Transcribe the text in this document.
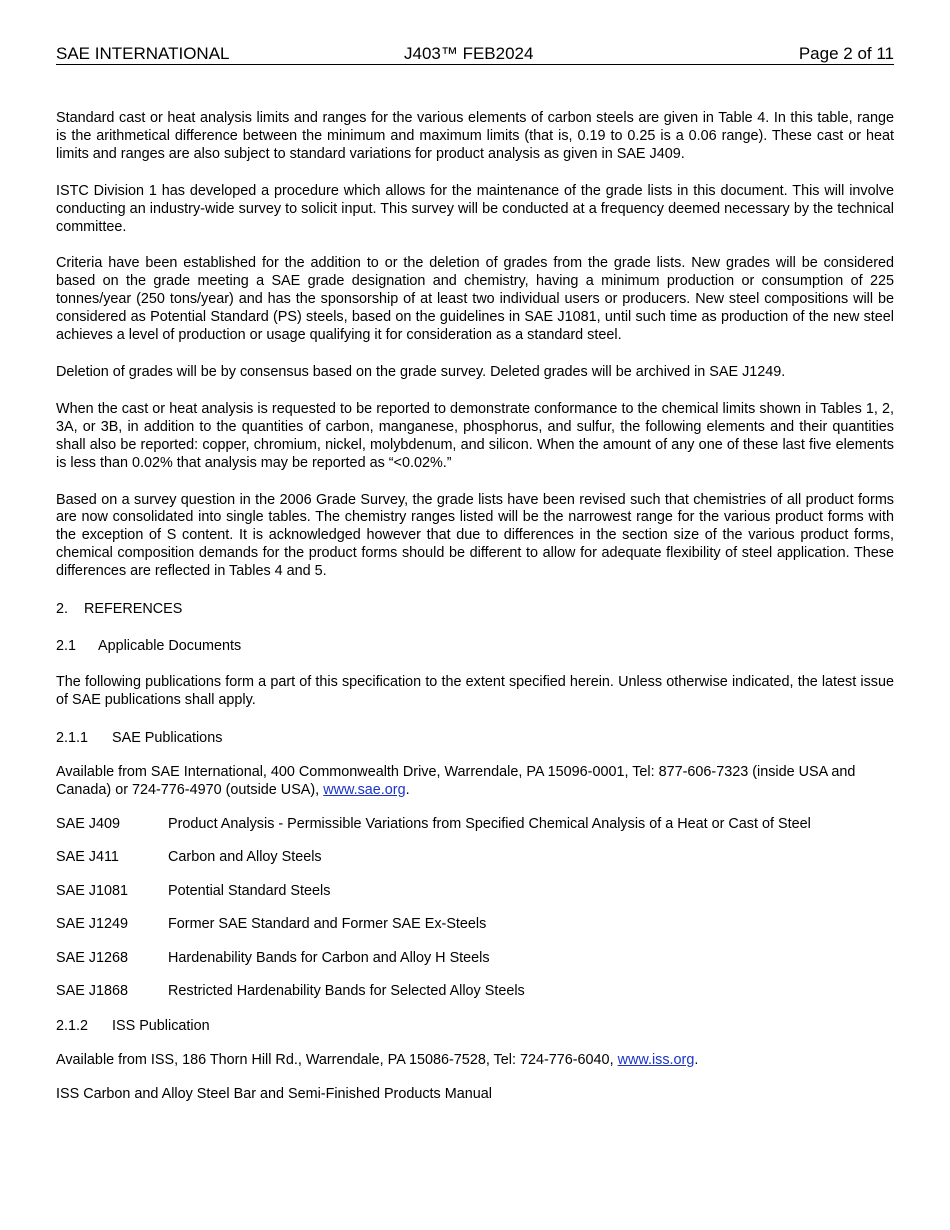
SAE INTERNATIONAL	J403™ FEB2024	Page 2 of 11

Standard cast or heat analysis limits and ranges for the various elements of carbon steels are given in Table 4. In this table, range is the arithmetical difference between the minimum and maximum limits (that is, 0.19 to 0.25 is a 0.06 range). These cast or heat limits and ranges are also subject to standard variations for product analysis as given in SAE J409.

ISTC Division 1 has developed a procedure which allows for the maintenance of the grade lists in this document. This will involve conducting an industry-wide survey to solicit input. This survey will be conducted at a frequency deemed necessary by the technical committee.

Criteria have been established for the addition to or the deletion of grades from the grade lists. New grades will be considered based on the grade meeting a SAE grade designation and chemistry, having a minimum production or consumption of 225 tonnes/year (250 tons/year) and has the sponsorship of at least two individual users or producers. New steel compositions will be considered as Potential Standard (PS) steels, based on the guidelines in SAE J1081, until such time as production of the new steel achieves a level of production or usage qualifying it for consideration as a standard steel.

Deletion of grades will be by consensus based on the grade survey. Deleted grades will be archived in SAE J1249.

When the cast or heat analysis is requested to be reported to demonstrate conformance to the chemical limits shown in Tables 1, 2, 3A, or 3B, in addition to the quantities of carbon, manganese, phosphorus, and sulfur, the following elements and their quantities shall also be reported: copper, chromium, nickel, molybdenum, and silicon. When the amount of any one of these last five elements is less than 0.02% that analysis may be reported as “<0.02%.”

Based on a survey question in the 2006 Grade Survey, the grade lists have been revised such that chemistries of all product forms are now consolidated into single tables. The chemistry ranges listed will be the narrowest range for the various product forms with the exception of S content. It is acknowledged however that due to differences in the section size of the various product forms, chemical composition demands for the product forms should be different to allow for adequate flexibility of steel application. These differences are reflected in Tables 4 and 5.

2. REFERENCES

2.1 Applicable Documents

The following publications form a part of this specification to the extent specified herein. Unless otherwise indicated, the latest issue of SAE publications shall apply.

2.1.1 SAE Publications

Available from SAE International, 400 Commonwealth Drive, Warrendale, PA 15096-0001, Tel: 877-606-7323 (inside USA and Canada) or 724-776-4970 (outside USA), www.sae.org.

SAE J409	Product Analysis - Permissible Variations from Specified Chemical Analysis of a Heat or Cast of Steel
SAE J411	Carbon and Alloy Steels
SAE J1081	Potential Standard Steels
SAE J1249	Former SAE Standard and Former SAE Ex-Steels
SAE J1268	Hardenability Bands for Carbon and Alloy H Steels
SAE J1868	Restricted Hardenability Bands for Selected Alloy Steels

2.1.2 ISS Publication

Available from ISS, 186 Thorn Hill Rd., Warrendale, PA 15086-7528, Tel: 724-776-6040, www.iss.org.

ISS Carbon and Alloy Steel Bar and Semi-Finished Products Manual
